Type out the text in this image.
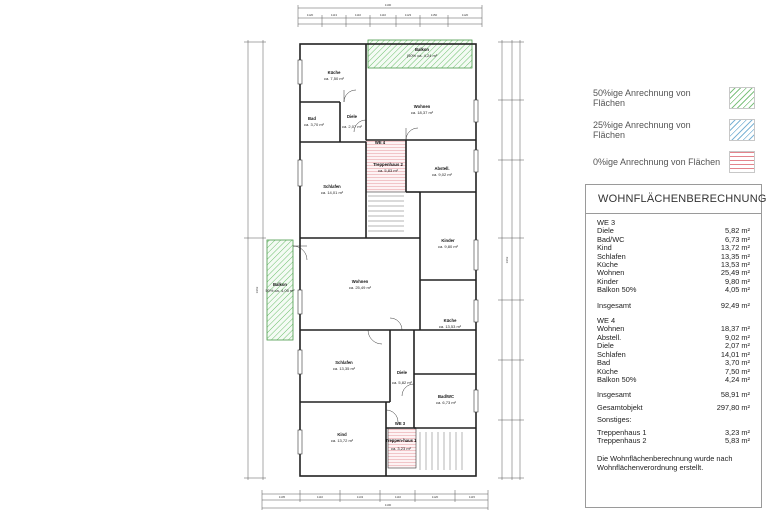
1100
1120	1113	1110	1110	1123	1150	1120
1105	1110	1143	1110	1120	1115
1100
1963
1963
Balkon
(50% ca. 4,24 m²
Küche
ca. 7,50 m²
Wohnen
ca. 18,37 m²
Bad
ca. 3,70 m²
Diele
ca. 2,07 m²
WE 4
Treppenhaus 2
ca. 5,83 m²	Abstell.
ca. 9,02 m²
Schlafen
ca. 14,01 m²
Kinder
ca. 9,80 m²
Balkon
50% ca. 4,05 m²
Wohnen
ca. 25,49 m²
Küche
ca. 13,53 m²
Schlafen
ca. 13,35 m²
Diele
ca. 5,82 m²
Bad/WC
ca. 6,73 m²
WE 3
Kind
ca. 13,72 m²	Treppen-haus 1
ca. 3,23 m²
50%ige Anrechnung von Flächen
25%ige Anrechnung von Flächen
0%ige Anrechnung von Flächen
WOHNFLÄCHENBERECHNUNG
WE 3
Diele	5,82 m²
Bad/WC	6,73 m²
Kind	13,72 m²
Schlafen	13,35 m²
Küche	13,53 m²
Wohnen	25,49 m²
Kinder	9,80 m²
Balkon 50%	4,05 m²
Insgesamt	92,49 m²
WE 4
Wohnen	18,37 m²
Abstell.	9,02 m²
Diele	2,07 m²
Schlafen	14,01 m²
Bad	3,70 m²
Küche	7,50 m²
Balkon 50%	4,24 m²
Insgesamt	58,91 m²
Gesamtobjekt	297,80 m²
Sonstiges:
Treppenhaus 1	3,23 m²
Treppenhaus 2	5,83 m²
Die Wohnflächenberechnung wurde nach Wohnflächenverordnung erstellt.
